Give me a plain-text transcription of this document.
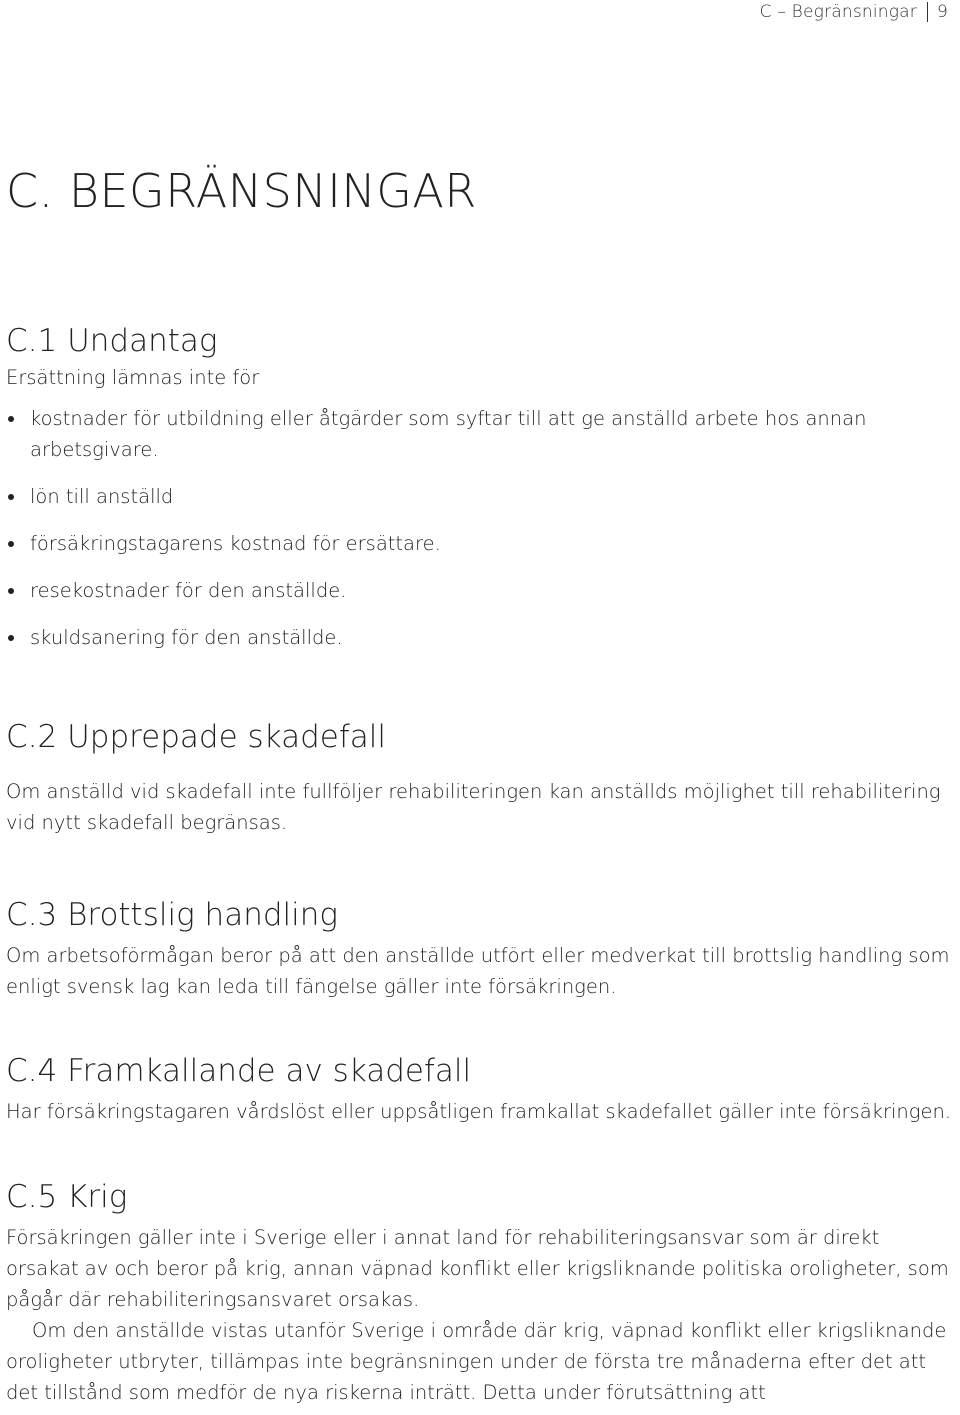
C – Begränsningar 9
C. BEGRÄNSNINGAR
C.1 Undantag

Ersättning lämnas inte för

kostnader för utbildning eller åtgärder som syftar till att ge anställd arbete hos annan arbetsgivare.
lön till anställd
försäkringstagarens kostnad för ersättare.
resekostnader för den anställde.
skuldsanering för den anställde.
C.2 Upprepade skadefall

Om anställd vid skadefall inte fullföljer rehabiliteringen kan anställds möjlighet till rehabilitering vid nytt skadefall begränsas.

C.3 Brottslig handling

Om arbetsoförmågan beror på att den anställde utfört eller medverkat till brottslig handling som enligt svensk lag kan leda till fängelse gäller inte försäkringen.

C.4 Framkallande av skadefall

Har försäkringstagaren vårdslöst eller uppsåtligen framkallat skadefallet gäller inte försäkringen.

C.5 Krig

Försäkringen gäller inte i Sverige eller i annat land för rehabiliteringsansvar som är direkt orsakat av och beror på krig, annan väpnad konflikt eller krigsliknande politiska oroligheter, som pågår där rehabiliteringsansvaret orsakas.

Om den anställde vistas utanför Sverige i område där krig, väpnad konflikt eller krigsliknande oroligheter utbryter, tillämpas inte begränsningen under de första tre månaderna efter det att det tillstånd som medför de nya riskerna inträtt. Detta under förutsättning att
